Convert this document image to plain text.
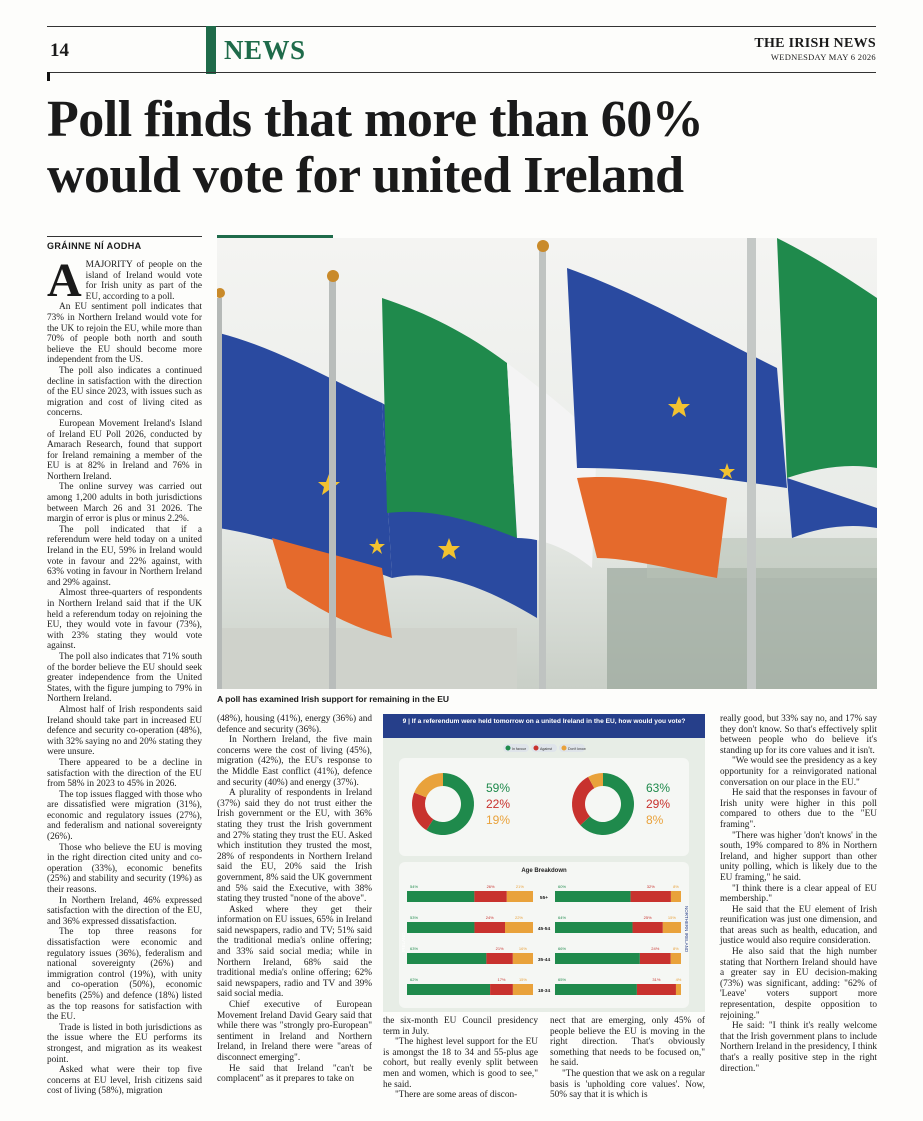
14	NEWS	THE IRISH NEWS
WEDNESDAY MAY 6 2026
Poll finds that more than 60%
would vote for united Ireland
GRÁINNE NÍ AODHA

AMAJORITY of people on the island of Ireland would vote for Irish unity as part of the EU, according to a poll.

An EU sentiment poll indicates that 73% in Northern Ireland would vote for the UK to rejoin the EU, while more than 70% of people both north and south believe the EU should become more independent from the US.

The poll also indicates a continued decline in satisfaction with the direction of the EU since 2023, with issues such as migration and cost of living cited as concerns.

European Movement Ireland's Island of Ireland EU Poll 2026, conducted by Amarach Research, found that support for Ireland remaining a member of the EU is at 82% in Ireland and 76% in Northern Ireland.

The online survey was carried out among 1,200 adults in both jurisdictions between March 26 and 31 2026. The margin of error is plus or minus 2.2%.

The poll indicated that if a referendum were held today on a united Ireland in the EU, 59% in Ireland would vote in favour and 22% against, with 63% voting in favour in Northern Ireland and 29% against.

Almost three-quarters of respondents in Northern Ireland said that if the UK held a referendum today on rejoining the EU, they would vote in favour (73%), with 23% stating they would vote against.

The poll also indicates that 71% south of the border believe the EU should seek greater independence from the United States, with the figure jumping to 79% in Northern Ireland.

Almost half of Irish respondents said Ireland should take part in increased EU defence and security co-operation (48%), with 32% saying no and 20% stating they were unsure.

There appeared to be a decline in satisfaction with the direction of the EU from 58% in 2023 to 45% in 2026.

The top issues flagged with those who are dissatisfied were migration (31%), economic and regulatory issues (27%), and federalism and national sovereignty (26%).

Those who believe the EU is moving in the right direction cited unity and co-operation (33%), economic benefits (25%) and stability and security (19%) as their reasons.

In Northern Ireland, 46% expressed satisfaction with the direction of the EU, and 36% expressed dissatisfaction.

The top three reasons for dissatisfaction were economic and regulatory issues (36%), federalism and national sovereignty (26%) and immigration control (19%), with unity and co-operation (50%), economic benefits (25%) and defence (18%) listed as the top reasons for satisfaction with the EU.

Trade is listed in both jurisdictions as the issue where the EU performs its strongest, and migration as its weakest point.

Asked what were their top five concerns at EU level, Irish citizens said cost of living (58%), migration

A poll has examined Irish support for remaining in the EU

(48%), housing (41%), energy (36%) and defence and security (36%).

In Northern Ireland, the five main concerns were the cost of living (45%), migration (42%), the EU's response to the Middle East conflict (41%), defence and security (40%) and energy (37%).

A plurality of respondents in Ireland (37%) said they do not trust either the Irish government or the EU, with 36% stating they trust the Irish government and 27% stating they trust the EU. Asked which institution they trusted the most, 28% of respondents in Northern Ireland said the EU, 20% said the Irish government, 8% said the UK government and 5% said the Executive, with 38% stating they trusted "none of the above".

Asked where they get their information on EU issues, 65% in Ireland said newspapers, radio and TV; 51% said the traditional media's online offering; and 33% said social media; while in Northern Ireland, 68% said the traditional media's online offering; 62% said newspapers, radio and TV and 39% said social media.

Chief executive of European Movement Ireland David Geary said that while there was "strongly pro-European" sentiment in Ireland and Northern Ireland, in Ireland there were "areas of disconnect emerging".

He said that Ireland "can't be complacent" as it prepares to take on

9 | If a referendum were held tomorrow on a united Ireland in the EU, how would you vote?
In favour	Against	Don't know
59%
22%
19%
63%
29%
8%
Age Breakdown
54%	26%	21%	60%	32%	8%
55+
53%	24%	22%	64%	25%	15%
45-54
63%	21%	16%	66%	24%	8%
35-44
62%	17%	15%	65%	31%	4%
18-34
IRELAND	NORTHERN IRELAND

the six-month EU Council presidency term in July.

"The highest level support for the EU is amongst the 18 to 34 and 55-plus age cohort, but really evenly split between men and women, which is good to see," he said.

"There are some areas of discon-

nect that are emerging, only 45% of people believe the EU is moving in the right direction. That's obviously something that needs to be focused on," he said.

"The question that we ask on a regular basis is 'upholding core values'. Now, 50% say that it is which is

really good, but 33% say no, and 17% say they don't know. So that's effectively split between people who do believe it's standing up for its core values and it isn't.

"We would see the presidency as a key opportunity for a reinvigorated national conversation on our place in the EU."

He said that the responses in favour of Irish unity were higher in this poll compared to others due to the "EU framing".

"There was higher 'don't knows' in the south, 19% compared to 8% in Northern Ireland, and higher support than other unity polling, which is likely due to the EU framing," he said.

"I think there is a clear appeal of EU membership."

He said that the EU element of Irish reunification was just one dimension, and that areas such as health, education, and justice would also require consideration.

He also said that the high number stating that Northern Ireland should have a greater say in EU decision-making (73%) was significant, adding: "62% of 'Leave' voters support more representation, despite opposition to rejoining."

He said: "I think it's really welcome that the Irish government plans to include Northern Ireland in the presidency, I think that's a really positive step in the right direction."
